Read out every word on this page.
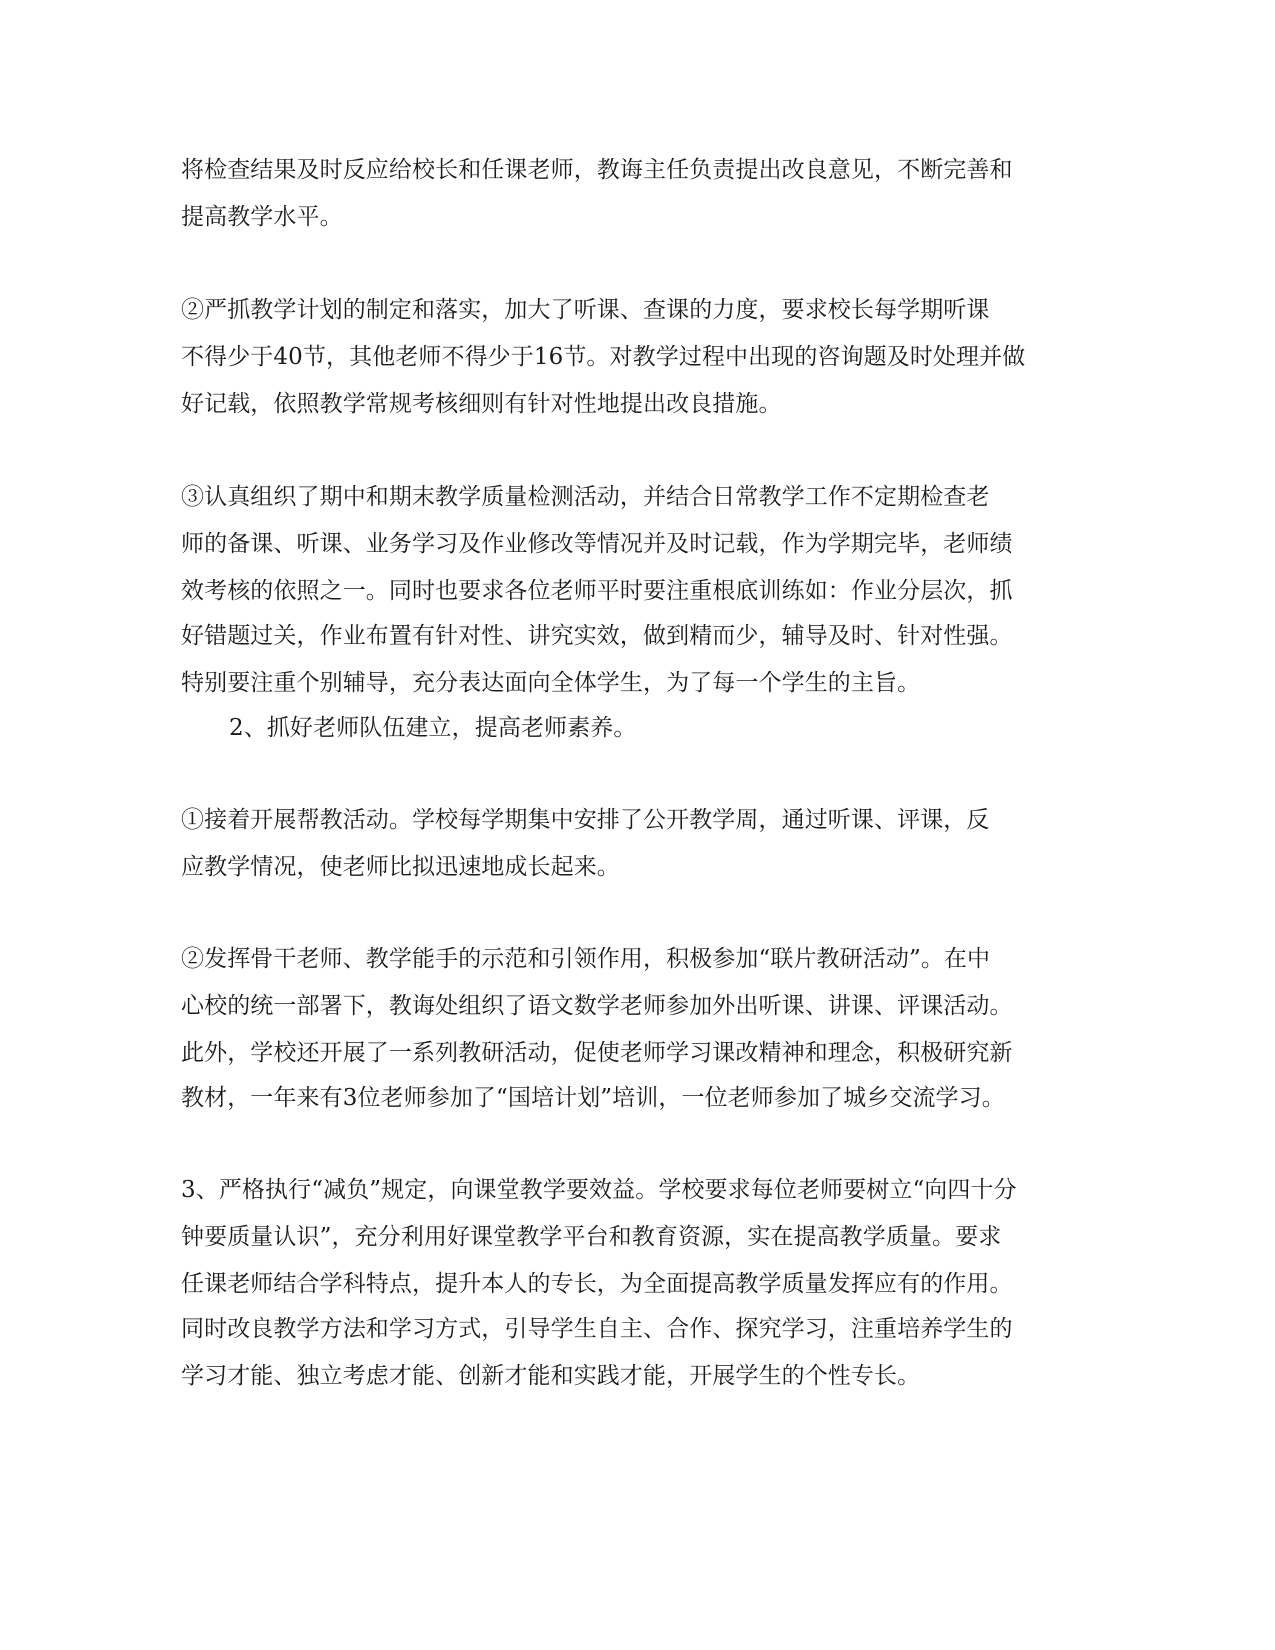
将检查结果及时反应给校长和任课老师，教诲主任负责提出改良意见，不断完善和
提高教学水平。
②严抓教学计划的制定和落实，加大了听课、查课的力度，要求校长每学期听课
不得少于40节，其他老师不得少于16节。对教学过程中出现的咨询题及时处理并做
好记载，依照教学常规考核细则有针对性地提出改良措施。
③认真组织了期中和期末教学质量检测活动，并结合日常教学工作不定期检查老
师的备课、听课、业务学习及作业修改等情况并及时记载，作为学期完毕，老师绩
效考核的依照之一。同时也要求各位老师平时要注重根底训练如：作业分层次，抓
好错题过关，作业布置有针对性、讲究实效，做到精而少，辅导及时、针对性强。
特别要注重个别辅导，充分表达面向全体学生，为了每一个学生的主旨。
2、抓好老师队伍建立，提高老师素养。
①接着开展帮教活动。学校每学期集中安排了公开教学周，通过听课、评课，反
应教学情况，使老师比拟迅速地成长起来。
②发挥骨干老师、教学能手的示范和引领作用，积极参加“联片教研活动”。在中
心校的统一部署下，教诲处组织了语文数学老师参加外出听课、讲课、评课活动。
此外，学校还开展了一系列教研活动，促使老师学习课改精神和理念，积极研究新
教材，一年来有3位老师参加了“国培计划”培训，一位老师参加了城乡交流学习。
3、严格执行“减负”规定，向课堂教学要效益。学校要求每位老师要树立“向四十分
钟要质量认识”，充分利用好课堂教学平台和教育资源，实在提高教学质量。要求
任课老师结合学科特点，提升本人的专长，为全面提高教学质量发挥应有的作用。
同时改良教学方法和学习方式，引导学生自主、合作、探究学习，注重培养学生的
学习才能、独立考虑才能、创新才能和实践才能，开展学生的个性专长。
